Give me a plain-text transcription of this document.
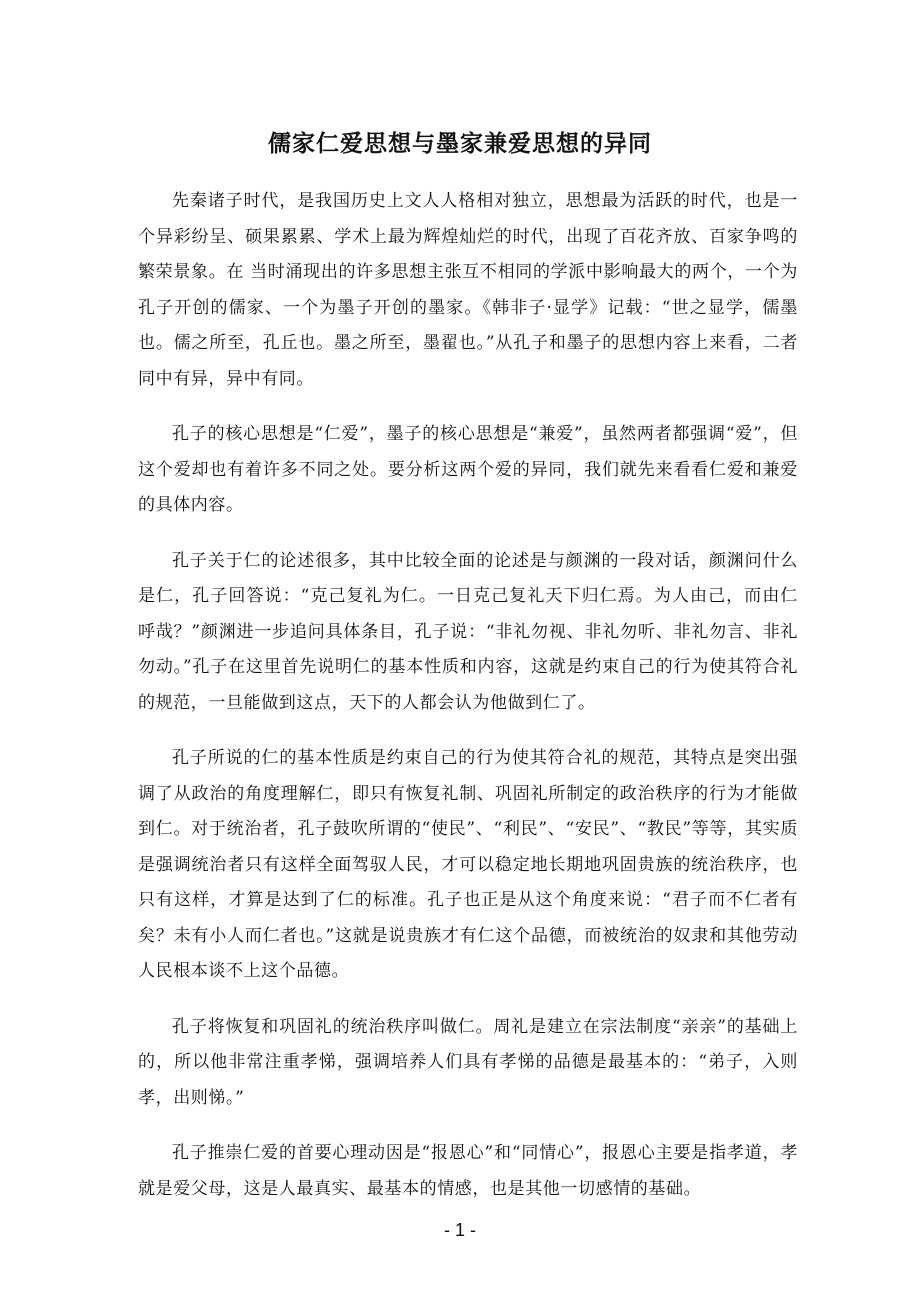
儒家仁爱思想与墨家兼爱思想的异同

先秦诸子时代，是我国历史上文人人格相对独立，思想最为活跃的时代，也是一个异彩纷呈、硕果累累、学术上最为辉煌灿烂的时代，出现了百花齐放、百家争鸣的繁荣景象。在 当时涌现出的许多思想主张互不相同的学派中影响最大的两个，一个为孔子开创的儒家、一个为墨子开创的墨家。《韩非子·显学》记载：“世之显学，儒墨也。儒之所至，孔丘也。墨之所至，墨翟也。”从孔子和墨子的思想内容上来看，二者同中有异，异中有同。

孔子的核心思想是“仁爱”，墨子的核心思想是“兼爱”，虽然两者都强调“爱”，但这个爱却也有着许多不同之处。要分析这两个爱的异同，我们就先来看看仁爱和兼爱的具体内容。

孔子关于仁的论述很多，其中比较全面的论述是与颜渊的一段对话，颜渊问什么是仁，孔子回答说：“克己复礼为仁。一日克己复礼天下归仁焉。为人由己，而由仁呼哉？”颜渊进一步追问具体条目，孔子说：“非礼勿视、非礼勿听、非礼勿言、非礼勿动。”孔子在这里首先说明仁的基本性质和内容，这就是约束自己的行为使其符合礼的规范，一旦能做到这点，天下的人都会认为他做到仁了。

孔子所说的仁的基本性质是约束自己的行为使其符合礼的规范，其特点是突出强调了从政治的角度理解仁，即只有恢复礼制、巩固礼所制定的政治秩序的行为才能做到仁。对于统治者，孔子鼓吹所谓的“使民”、“利民”、“安民”、“教民”等等，其实质是强调统治者只有这样全面驾驭人民，才可以稳定地长期地巩固贵族的统治秩序，也只有这样，才算是达到了仁的标准。孔子也正是从这个角度来说：“君子而不仁者有矣？未有小人而仁者也。”这就是说贵族才有仁这个品德，而被统治的奴隶和其他劳动人民根本谈不上这个品德。

孔子将恢复和巩固礼的统治秩序叫做仁。周礼是建立在宗法制度“亲亲”的基础上的，所以他非常注重孝悌，强调培养人们具有孝悌的品德是最基本的：“弟子，入则孝，出则悌。”

孔子推崇仁爱的首要心理动因是“报恩心”和“同情心”，报恩心主要是指孝道，孝就是爱父母，这是人最真实、最基本的情感，也是其他一切感情的基础。

- 1 -
